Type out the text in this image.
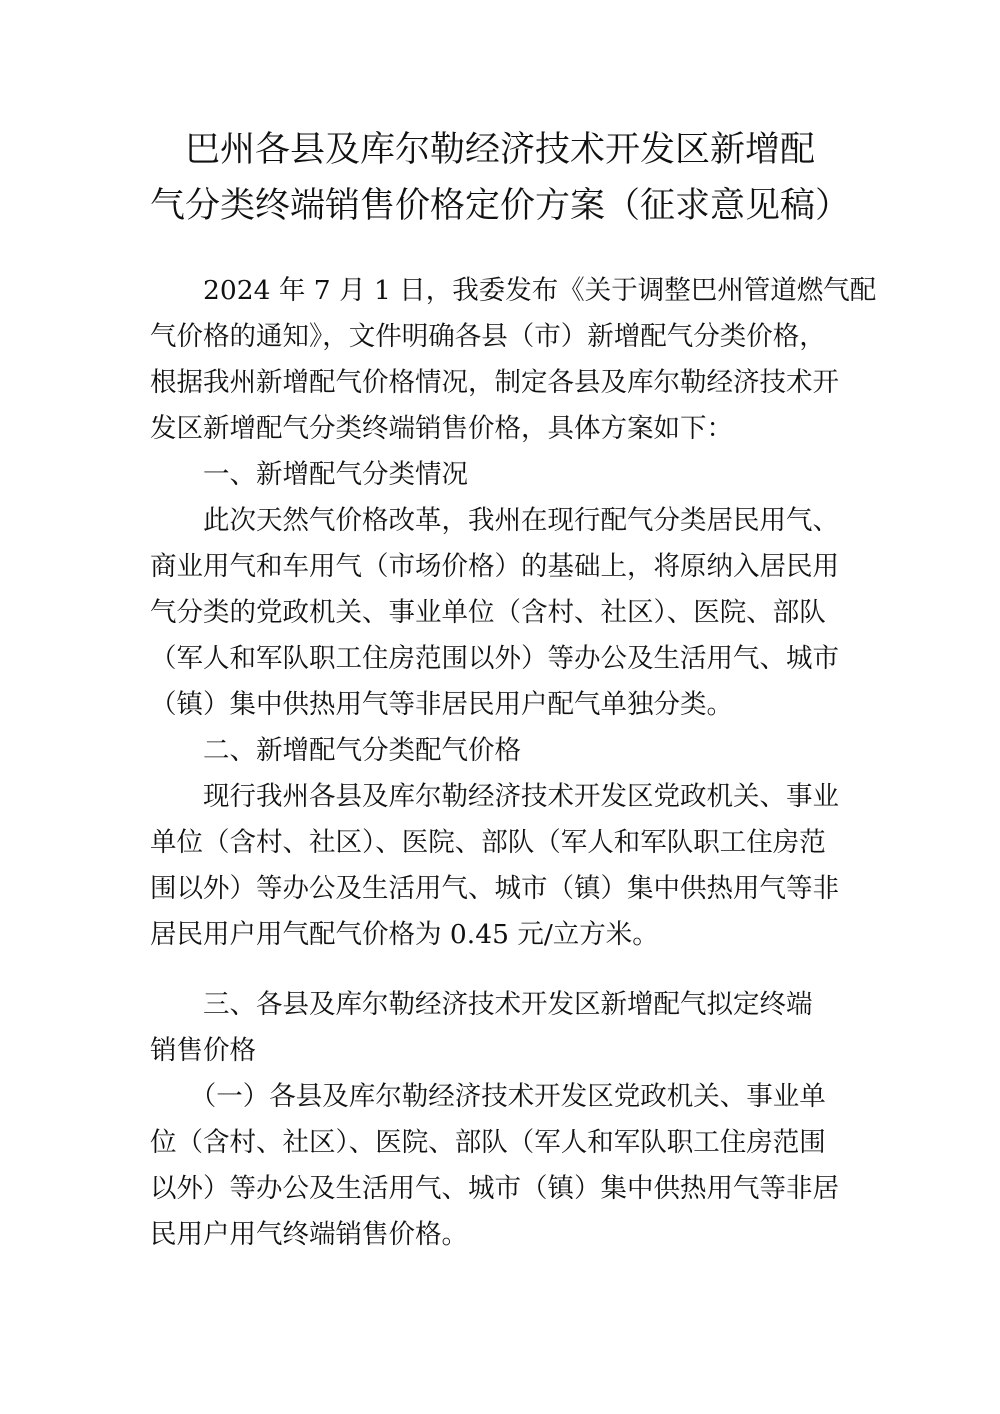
巴州各县及库尔勒经济技术开发区新增配
气分类终端销售价格定价方案（征求意见稿）
　　2024 年 7 月 1 日，我委发布《关于调整巴州管道燃气配
气价格的通知》，文件明确各县（市）新增配气分类价格，
根据我州新增配气价格情况，制定各县及库尔勒经济技术开
发区新增配气分类终端销售价格，具体方案如下：
　　一、新增配气分类情况
　　此次天然气价格改革，我州在现行配气分类居民用气、
商业用气和车用气（市场价格）的基础上，将原纳入居民用
气分类的党政机关、事业单位（含村、社区）、医院、部队
（军人和军队职工住房范围以外）等办公及生活用气、城市
（镇）集中供热用气等非居民用户配气单独分类。
　　二、新增配气分类配气价格
　　现行我州各县及库尔勒经济技术开发区党政机关、事业
单位（含村、社区）、医院、部队（军人和军队职工住房范
围以外）等办公及生活用气、城市（镇）集中供热用气等非
居民用户用气配气价格为 0.45 元/立方米。
　　三、各县及库尔勒经济技术开发区新增配气拟定终端
销售价格
　　（一）各县及库尔勒经济技术开发区党政机关、事业单
位（含村、社区）、医院、部队（军人和军队职工住房范围
以外）等办公及生活用气、城市（镇）集中供热用气等非居
民用户用气终端销售价格。
